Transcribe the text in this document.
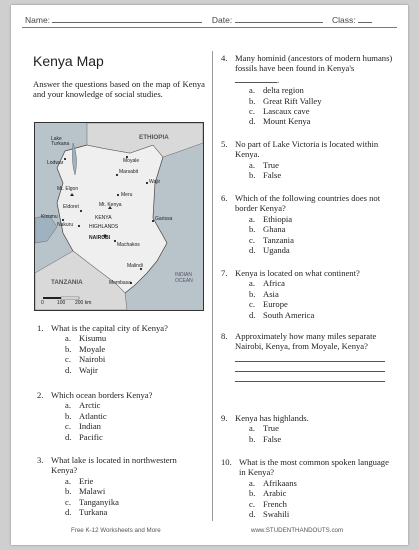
Name:	Date:	Class:
Kenya Map
Answer the questions based on the map of Kenya and your knowledge of social studies.
ETHIOPIA
TANZANIA
INDIAN
OCEAN
Lake Turkana
Lodwar	Moyale
Marsabit
Wajir
Mt. Elgon
Meru
Eldoret
Kisumu
Nakuru
Mt. Kenya
KENYA
HIGHLANDS
Garissa
NAIROBI
Machakos
Malindi
Mombasa
0	100 200 km
1. What is the capital city of Kenya?
a. Kisumu
b. Moyale
c. Nairobi
d. Wajir
2. Which ocean borders Kenya?
a. Arctic
b. Atlantic
c. Indian
d. Pacific
3. What lake is located in northwestern Kenya?
a. Erie
b. Malawi
c. Tanganyika
d. Turkana
4. Many hominid (ancestors of modern humans) fossils have been found in Kenya's .
a. delta region
b. Great Rift Valley
c. Lascaux cave
d. Mount Kenya
5. No part of Lake Victoria is located within Kenya.
a. True
b. False
6. Which of the following countries does not border Kenya?
a. Ethiopia
b. Ghana
c. Tanzania
d. Uganda
7. Kenya is located on what continent?
a. Africa
b. Asia
c. Europe
d. South America
8. Approximately how many miles separate Nairobi, Kenya, from Moyale, Kenya?
9. Kenya has highlands.
a. True
b. False
10. What is the most common spoken language in Kenya?
a. Afrikaans
b. Arabic
c. French
d. Swahili
Free K-12 Worksheets and More	www.STUDENTHANDOUTS.com
